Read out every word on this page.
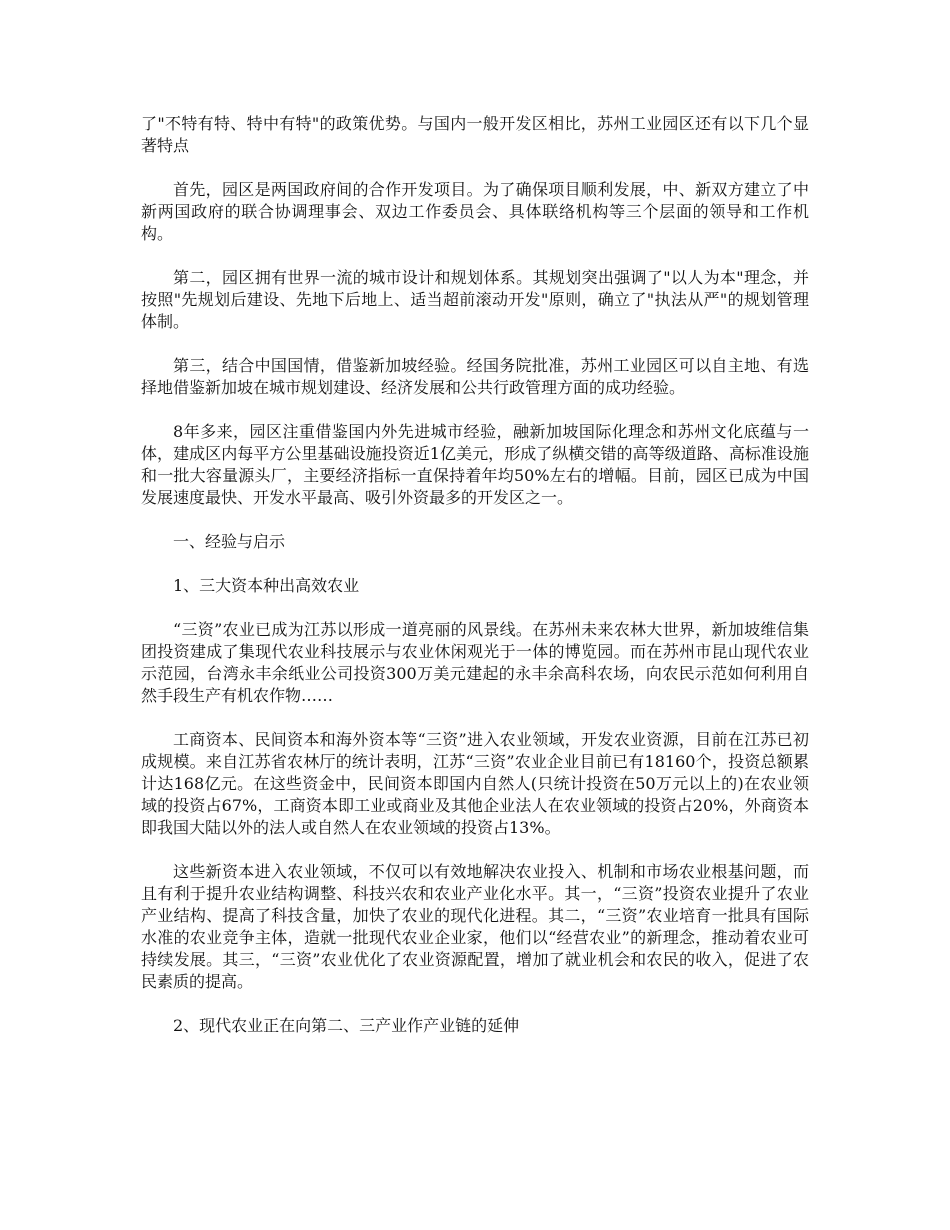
了"不特有特、特中有特"的政策优势。与国内一般开发区相比，苏州工业园区还有以下几个显著特点

首先，园区是两国政府间的合作开发项目。为了确保项目顺利发展，中、新双方建立了中新两国政府的联合协调理事会、双边工作委员会、具体联络机构等三个层面的领导和工作机构。

第二，园区拥有世界一流的城市设计和规划体系。其规划突出强调了"以人为本"理念，并按照"先规划后建设、先地下后地上、适当超前滚动开发"原则，确立了"执法从严"的规划管理体制。

第三，结合中国国情，借鉴新加坡经验。经国务院批准，苏州工业园区可以自主地、有选择地借鉴新加坡在城市规划建设、经济发展和公共行政管理方面的成功经验。

8年多来，园区注重借鉴国内外先进城市经验，融新加坡国际化理念和苏州文化底蕴与一体，建成区内每平方公里基础设施投资近1亿美元，形成了纵横交错的高等级道路、高标准设施和一批大容量源头厂，主要经济指标一直保持着年均50%左右的增幅。目前，园区已成为中国发展速度最快、开发水平最高、吸引外资最多的开发区之一。

一、经验与启示

1、三大资本种出高效农业

“三资”农业已成为江苏以形成一道亮丽的风景线。在苏州未来农林大世界，新加坡维信集团投资建成了集现代农业科技展示与农业休闲观光于一体的博览园。而在苏州市昆山现代农业示范园，台湾永丰余纸业公司投资300万美元建起的永丰余高科农场，向农民示范如何利用自然手段生产有机农作物……

工商资本、民间资本和海外资本等“三资”进入农业领域，开发农业资源，目前在江苏已初成规模。来自江苏省农林厅的统计表明，江苏“三资”农业企业目前已有18160个，投资总额累计达168亿元。在这些资金中，民间资本即国内自然人(只统计投资在50万元以上的)在农业领域的投资占67%，工商资本即工业或商业及其他企业法人在农业领域的投资占20%，外商资本即我国大陆以外的法人或自然人在农业领域的投资占13%。

这些新资本进入农业领域，不仅可以有效地解决农业投入、机制和市场农业根基问题，而且有利于提升农业结构调整、科技兴农和农业产业化水平。其一，“三资”投资农业提升了农业产业结构、提高了科技含量，加快了农业的现代化进程。其二，“三资”农业培育一批具有国际水准的农业竞争主体，造就一批现代农业企业家，他们以“经营农业”的新理念，推动着农业可持续发展。其三，“三资”农业优化了农业资源配置，增加了就业机会和农民的收入，促进了农民素质的提高。

2、现代农业正在向第二、三产业作产业链的延伸
